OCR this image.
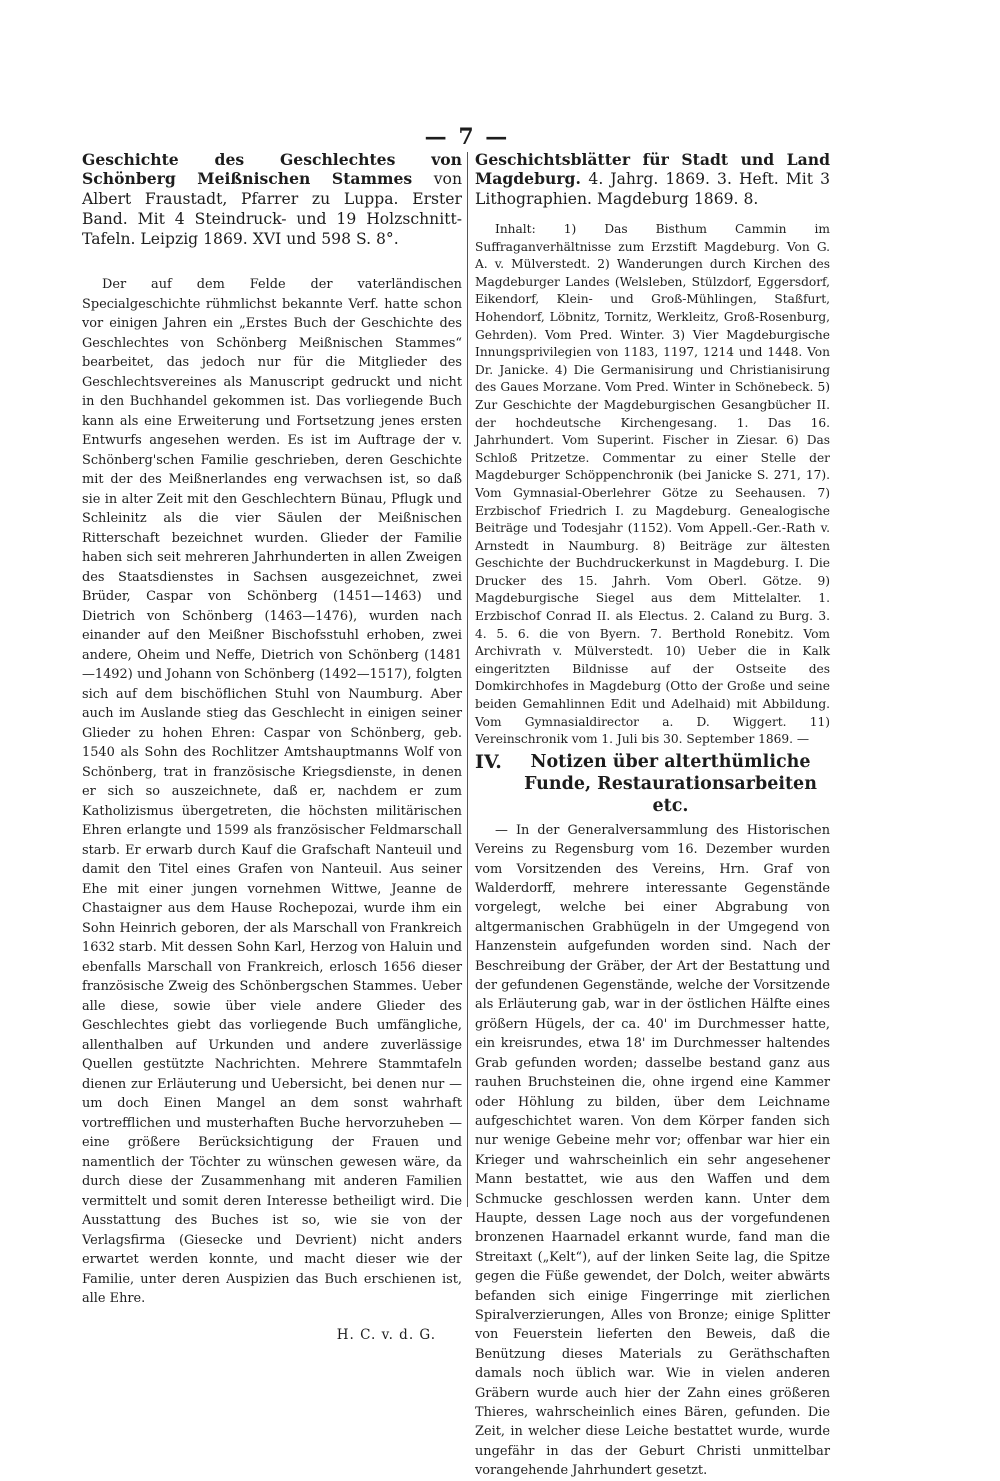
— 7 —

Geschichte des Geschlechtes von Schönberg Meißnischen Stammes von Albert Fraustadt, Pfarrer zu Luppa. Erster Band. Mit 4 Steindruck- und 19 Holzschnitt-Tafeln. Leipzig 1869. XVI und 598 S. 8°.

Der auf dem Felde der vaterländischen Specialgeschichte rühmlichst bekannte Verf. hatte schon vor einigen Jahren ein „Erstes Buch der Geschichte des Geschlechtes von Schönberg Meißnischen Stammes“ bearbeitet, das jedoch nur für die Mitglieder des Geschlechtsvereines als Manuscript gedruckt und nicht in den Buchhandel gekommen ist. Das vorliegende Buch kann als eine Erweiterung und Fortsetzung jenes ersten Entwurfs angesehen werden. Es ist im Auftrage der v. Schönberg'schen Familie geschrieben, deren Geschichte mit der des Meißnerlandes eng verwachsen ist, so daß sie in alter Zeit mit den Geschlechtern Bünau, Pflugk und Schleinitz als die vier Säulen der Meißnischen Ritterschaft bezeichnet wurden. Glieder der Familie haben sich seit mehreren Jahrhunderten in allen Zweigen des Staatsdienstes in Sachsen ausgezeichnet, zwei Brüder, Caspar von Schönberg (1451—1463) und Dietrich von Schönberg (1463—1476), wurden nach einander auf den Meißner Bischofsstuhl erhoben, zwei andere, Oheim und Neffe, Dietrich von Schönberg (1481—1492) und Johann von Schönberg (1492—1517), folgten sich auf dem bischöflichen Stuhl von Naumburg. Aber auch im Auslande stieg das Geschlecht in einigen seiner Glieder zu hohen Ehren: Caspar von Schönberg, geb. 1540 als Sohn des Rochlitzer Amtshauptmanns Wolf von Schönberg, trat in französische Kriegsdienste, in denen er sich so auszeichnete, daß er, nachdem er zum Katholizismus übergetreten, die höchsten militärischen Ehren erlangte und 1599 als französischer Feldmarschall starb. Er erwarb durch Kauf die Grafschaft Nanteuil und damit den Titel eines Grafen von Nanteuil. Aus seiner Ehe mit einer jungen vornehmen Wittwe, Jeanne de Chastaigner aus dem Hause Rochepozai, wurde ihm ein Sohn Heinrich geboren, der als Marschall von Frankreich 1632 starb. Mit dessen Sohn Karl, Herzog von Haluin und ebenfalls Marschall von Frankreich, erlosch 1656 dieser französische Zweig des Schönbergschen Stammes. Ueber alle diese, sowie über viele andere Glieder des Geschlechtes giebt das vorliegende Buch umfängliche, allenthalben auf Urkunden und andere zuverlässige Quellen gestützte Nachrichten. Mehrere Stammtafeln dienen zur Erläuterung und Uebersicht, bei denen nur — um doch Einen Mangel an dem sonst wahrhaft vortrefflichen und musterhaften Buche hervorzuheben — eine größere Berücksichtigung der Frauen und namentlich der Töchter zu wünschen gewesen wäre, da durch diese der Zusammenhang mit anderen Familien vermittelt und somit deren Interesse betheiligt wird. Die Ausstattung des Buches ist so, wie sie von der Verlagsfirma (Giesecke und Devrient) nicht anders erwartet werden konnte, und macht dieser wie der Familie, unter deren Auspizien das Buch erschienen ist, alle Ehre.

H. C. v. d. G.

Geschichtsblätter für Stadt und Land Magdeburg. 4. Jahrg. 1869. 3. Heft. Mit 3 Lithographien. Magdeburg 1869. 8.

Inhalt: 1) Das Bisthum Cammin im Suffraganverhältnisse zum Erzstift Magdeburg. Von G. A. v. Mülverstedt. 2) Wanderungen durch Kirchen des Magdeburger Landes (Welsleben, Stülzdorf, Eggersdorf, Eikendorf, Klein- und Groß-Mühlingen, Staßfurt, Hohendorf, Löbnitz, Tornitz, Werkleitz, Groß-Rosenburg, Gehrden). Vom Pred. Winter. 3) Vier Magdeburgische Innungsprivilegien von 1183, 1197, 1214 und 1448. Von Dr. Janicke. 4) Die Germanisirung und Christianisirung des Gaues Morzane. Vom Pred. Winter in Schönebeck. 5) Zur Geschichte der Magdeburgischen Gesangbücher II. der hochdeutsche Kirchengesang. 1. Das 16. Jahrhundert. Vom Superint. Fischer in Ziesar. 6) Das Schloß Pritzetze. Commentar zu einer Stelle der Magdeburger Schöppenchronik (bei Janicke S. 271, 17). Vom Gymnasial-Oberlehrer Götze zu Seehausen. 7) Erzbischof Friedrich I. zu Magdeburg. Genealogische Beiträge und Todesjahr (1152). Vom Appell.-Ger.-Rath v. Arnstedt in Naumburg. 8) Beiträge zur ältesten Geschichte der Buchdruckerkunst in Magdeburg. I. Die Drucker des 15. Jahrh. Vom Oberl. Götze. 9) Magdeburgische Siegel aus dem Mittelalter. 1. Erzbischof Conrad II. als Electus. 2. Caland zu Burg. 3. 4. 5. 6. die von Byern. 7. Berthold Ronebitz. Vom Archivrath v. Mülverstedt. 10) Ueber die in Kalk eingeritzten Bildnisse auf der Ostseite des Domkirchhofes in Magdeburg (Otto der Große und seine beiden Gemahlinnen Edit und Adelhaid) mit Abbildung. Vom Gymnasialdirector a. D. Wiggert. 11) Vereinschronik vom 1. Juli bis 30. September 1869. —

IV.	Notizen über alterthümliche Funde, Restaurationsarbeiten etc.

— In der Generalversammlung des Historischen Vereins zu Regensburg vom 16. Dezember wurden vom Vorsitzenden des Vereins, Hrn. Graf von Walderdorff, mehrere interessante Gegenstände vorgelegt, welche bei einer Abgrabung von altgermanischen Grabhügeln in der Umgegend von Hanzenstein aufgefunden worden sind. Nach der Beschreibung der Gräber, der Art der Bestattung und der gefundenen Gegenstände, welche der Vorsitzende als Erläuterung gab, war in der östlichen Hälfte eines größern Hügels, der ca. 40' im Durchmesser hatte, ein kreisrundes, etwa 18' im Durchmesser haltendes Grab gefunden worden; dasselbe bestand ganz aus rauhen Bruchsteinen die, ohne irgend eine Kammer oder Höhlung zu bilden, über dem Leichname aufgeschichtet waren. Von dem Körper fanden sich nur wenige Gebeine mehr vor; offenbar war hier ein Krieger und wahrscheinlich ein sehr angesehener Mann bestattet, wie aus den Waffen und dem Schmucke geschlossen werden kann. Unter dem Haupte, dessen Lage noch aus der vorgefundenen bronzenen Haarnadel erkannt wurde, fand man die Streitaxt („Kelt“), auf der linken Seite lag, die Spitze gegen die Füße gewendet, der Dolch, weiter abwärts befanden sich einige Fingerringe mit zierlichen Spiralverzierungen, Alles von Bronze; einige Splitter von Feuerstein lieferten den Beweis, daß die Benützung dieses Materials zu Geräthschaften damals noch üblich war. Wie in vielen anderen Gräbern wurde auch hier der Zahn eines größeren Thieres, wahrscheinlich eines Bären, gefunden. Die Zeit, in welcher diese Leiche bestattet wurde, wurde ungefähr in das der Geburt Christi unmittelbar vorangehende Jahrhundert gesetzt.
